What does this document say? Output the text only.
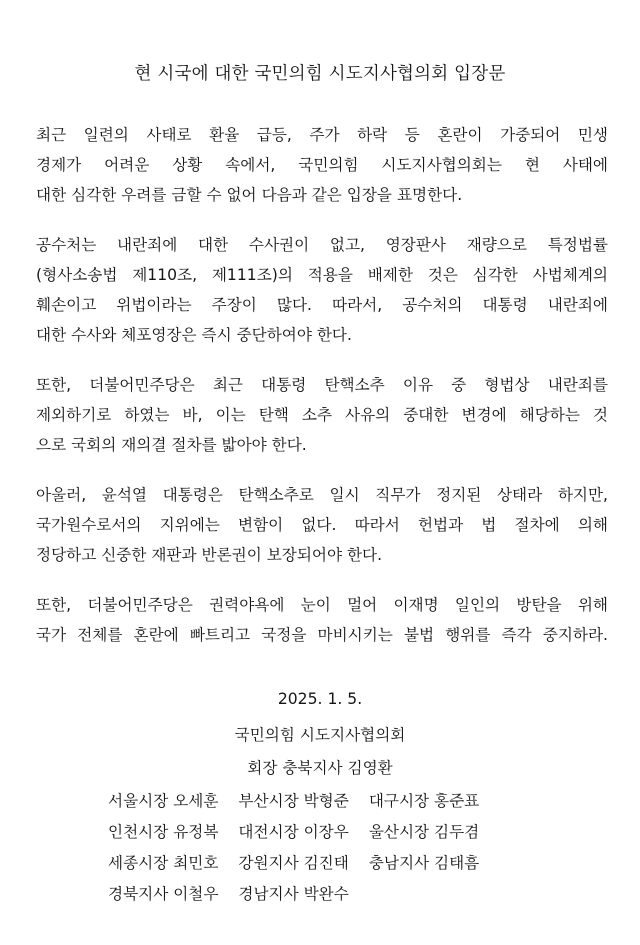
현 시국에 대한 국민의힘 시도지사협의회 입장문

최근 일련의 사태로 환율 급등, 주가 하락 등 혼란이 가중되어 민생
경제가 어려운 상황 속에서, 국민의힘 시도지사협의회는 현 사태에
대한 심각한 우려를 금할 수 없어 다음과 같은 입장을 표명한다.

공수처는 내란죄에 대한 수사권이 없고, 영장판사 재량으로 특정법률
(형사소송법 제110조, 제111조)의 적용을 배제한 것은 심각한 사법체계의
훼손이고 위법이라는 주장이 많다. 따라서, 공수처의 대통령 내란죄에
대한 수사와 체포영장은 즉시 중단하여야 한다.

또한, 더불어민주당은 최근 대통령 탄핵소추 이유 중 형법상 내란죄를
제외하기로 하였는 바, 이는 탄핵 소추 사유의 중대한 변경에 해당하는 것
으로 국회의 재의결 절차를 밟아야 한다.

아울러, 윤석열 대통령은 탄핵소추로 일시 직무가 정지된 상태라 하지만,
국가원수로서의 지위에는 변함이 없다. 따라서 헌법과 법 절차에 의해
정당하고 신중한 재판과 반론권이 보장되어야 한다.

또한, 더불어민주당은 권력야욕에 눈이 멀어 이재명 일인의 방탄을 위해
국가 전체를 혼란에 빠트리고 국정을 마비시키는 불법 행위를 즉각 중지하라.

2025. 1. 5.
국민의힘 시도지사협의회
회장 충북지사 김영환
서울시장 오세훈 부산시장 박형준 대구시장 홍준표
인천시장 유정복 대전시장 이장우 울산시장 김두겸
세종시장 최민호 강원지사 김진태 충남지사 김태흠
경북지사 이철우 경남지사 박완수
